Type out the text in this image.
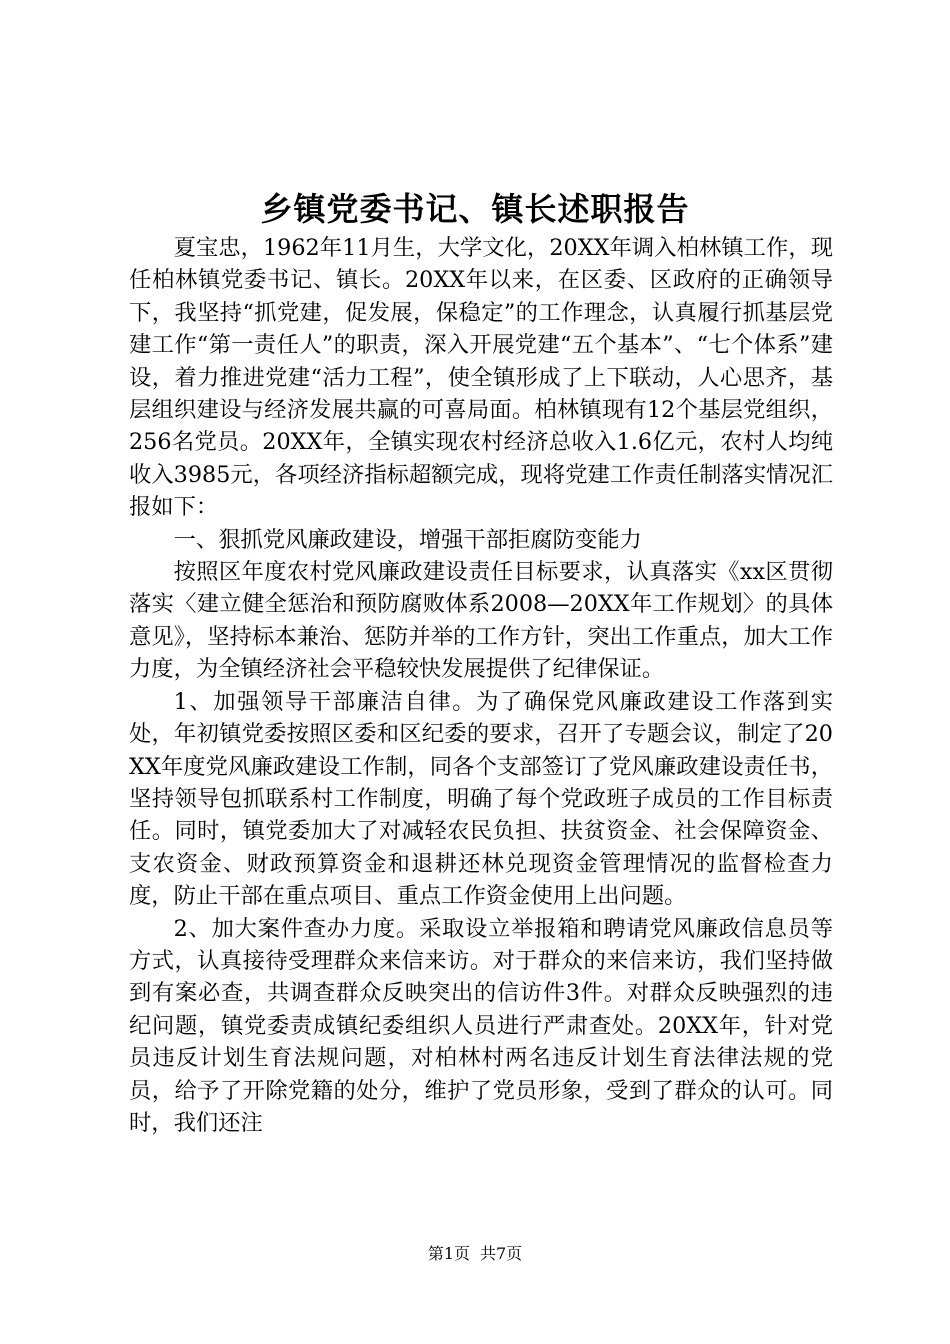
乡镇党委书记、镇长述职报告

夏宝忠，1962年11月生，大学文化，20XX年调入柏林镇工作，现任柏林镇党委书记、镇长。20XX年以来，在区委、区政府的正确领导下，我坚持“抓党建，促发展，保稳定”的工作理念，认真履行抓基层党建工作“第一责任人”的职责，深入开展党建“五个基本”、“七个体系”建设，着力推进党建“活力工程”，使全镇形成了上下联动，人心思齐，基层组织建设与经济发展共赢的可喜局面。柏林镇现有12个基层党组织，256名党员。20XX年，全镇实现农村经济总收入1.6亿元，农村人均纯收入3985元，各项经济指标超额完成，现将党建工作责任制落实情况汇报如下：

一、狠抓党风廉政建设，增强干部拒腐防变能力

按照区年度农村党风廉政建设责任目标要求，认真落实《xx区贯彻落实〈建立健全惩治和预防腐败体系2008—20XX年工作规划〉的具体意见》，坚持标本兼治、惩防并举的工作方针，突出工作重点，加大工作力度，为全镇经济社会平稳较快发展提供了纪律保证。

1、加强领导干部廉洁自律。为了确保党风廉政建设工作落到实处，年初镇党委按照区委和区纪委的要求，召开了专题会议，制定了20XX年度党风廉政建设工作制，同各个支部签订了党风廉政建设责任书，坚持领导包抓联系村工作制度，明确了每个党政班子成员的工作目标责任。同时，镇党委加大了对减轻农民负担、扶贫资金、社会保障资金、支农资金、财政预算资金和退耕还林兑现资金管理情况的监督检查力度，防止干部在重点项目、重点工作资金使用上出问题。

2、加大案件查办力度。采取设立举报箱和聘请党风廉政信息员等方式，认真接待受理群众来信来访。对于群众的来信来访，我们坚持做到有案必查，共调查群众反映突出的信访件3件。对群众反映强烈的违纪问题，镇党委责成镇纪委组织人员进行严肃查处。20XX年，针对党员违反计划生育法规问题，对柏林村两名违反计划生育法律法规的党员，给予了开除党籍的处分，维护了党员形象，受到了群众的认可。同时，我们还注

第1页 共7页
